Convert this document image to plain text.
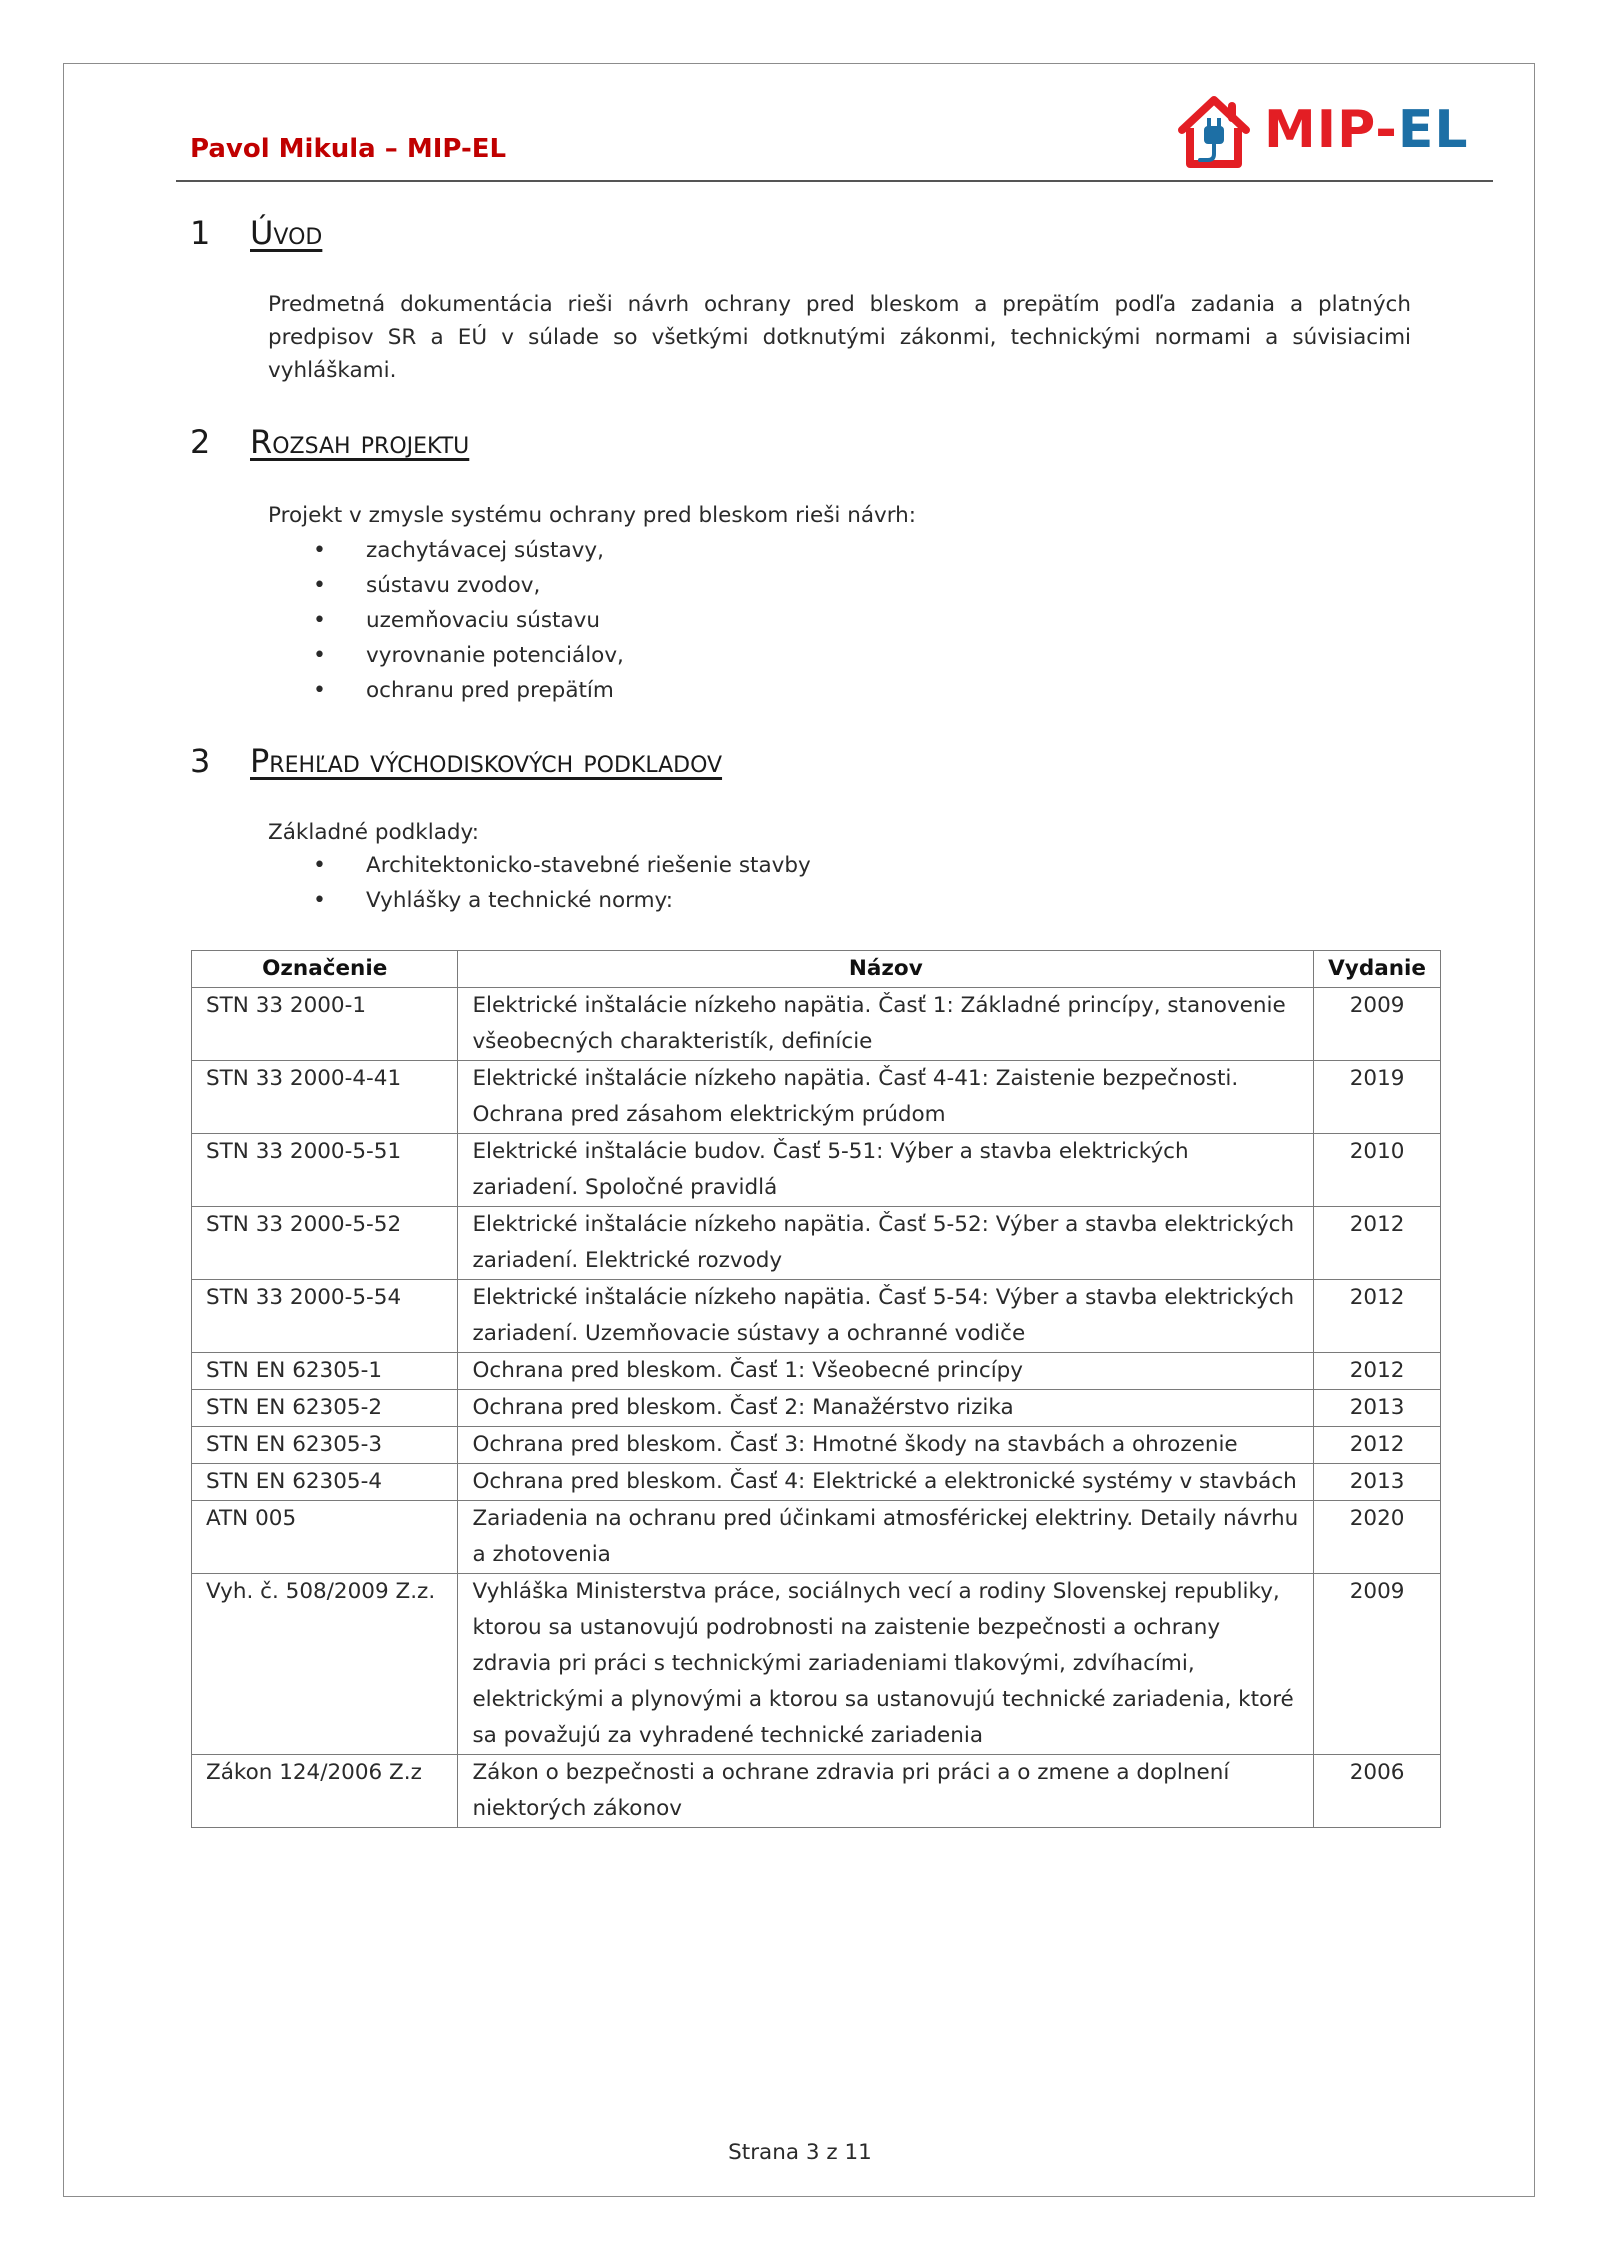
Pavol Mikula – MIP-EL	MIP-EL
1 Úvod
Predmetná dokumentácia rieši návrh ochrany pred bleskom a prepätím podľa zadania a platných predpisov SR a EÚ v súlade so všetkými dotknutými zákonmi, technickými normami a súvisiacimi vyhláškami.
2 Rozsah projektu
Projekt v zmysle systému ochrany pred bleskom rieši návrh:
• zachytávacej sústavy,
• sústavu zvodov,
• uzemňovaciu sústavu
• vyrovnanie potenciálov,
• ochranu pred prepätím
3 Prehľad východiskových podkladov
Základné podklady:
• Architektonicko-stavebné riešenie stavby
• Vyhlášky a technické normy:
Označenie	Názov	Vydanie
STN 33 2000-1	Elektrické inštalácie nízkeho napätia. Časť 1: Základné princípy, stanovenie všeobecných charakteristík, definície	2009
STN 33 2000-4-41	Elektrické inštalácie nízkeho napätia. Časť 4-41: Zaistenie bezpečnosti. Ochrana pred zásahom elektrickým prúdom	2019
STN 33 2000-5-51	Elektrické inštalácie budov. Časť 5-51: Výber a stavba elektrických zariadení. Spoločné pravidlá	2010
STN 33 2000-5-52	Elektrické inštalácie nízkeho napätia. Časť 5-52: Výber a stavba elektrických zariadení. Elektrické rozvody	2012
STN 33 2000-5-54	Elektrické inštalácie nízkeho napätia. Časť 5-54: Výber a stavba elektrických zariadení. Uzemňovacie sústavy a ochranné vodiče	2012
STN EN 62305-1	Ochrana pred bleskom. Časť 1: Všeobecné princípy	2012
STN EN 62305-2	Ochrana pred bleskom. Časť 2: Manažérstvo rizika	2013
STN EN 62305-3	Ochrana pred bleskom. Časť 3: Hmotné škody na stavbách a ohrozenie	2012
STN EN 62305-4	Ochrana pred bleskom. Časť 4: Elektrické a elektronické systémy v stavbách	2013
ATN 005	Zariadenia na ochranu pred účinkami atmosférickej elektriny. Detaily návrhu a zhotovenia	2020
Vyh. č. 508/2009 Z.z.	Vyhláška Ministerstva práce, sociálnych vecí a rodiny Slovenskej republiky, ktorou sa ustanovujú podrobnosti na zaistenie bezpečnosti a ochrany zdravia pri práci s technickými zariadeniami tlakovými, zdvíhacími, elektrickými a plynovými a ktorou sa ustanovujú technické zariadenia, ktoré sa považujú za vyhradené technické zariadenia	2009
Zákon 124/2006 Z.z	Zákon o bezpečnosti a ochrane zdravia pri práci a o zmene a doplnení niektorých zákonov	2006
Strana 3 z 11
